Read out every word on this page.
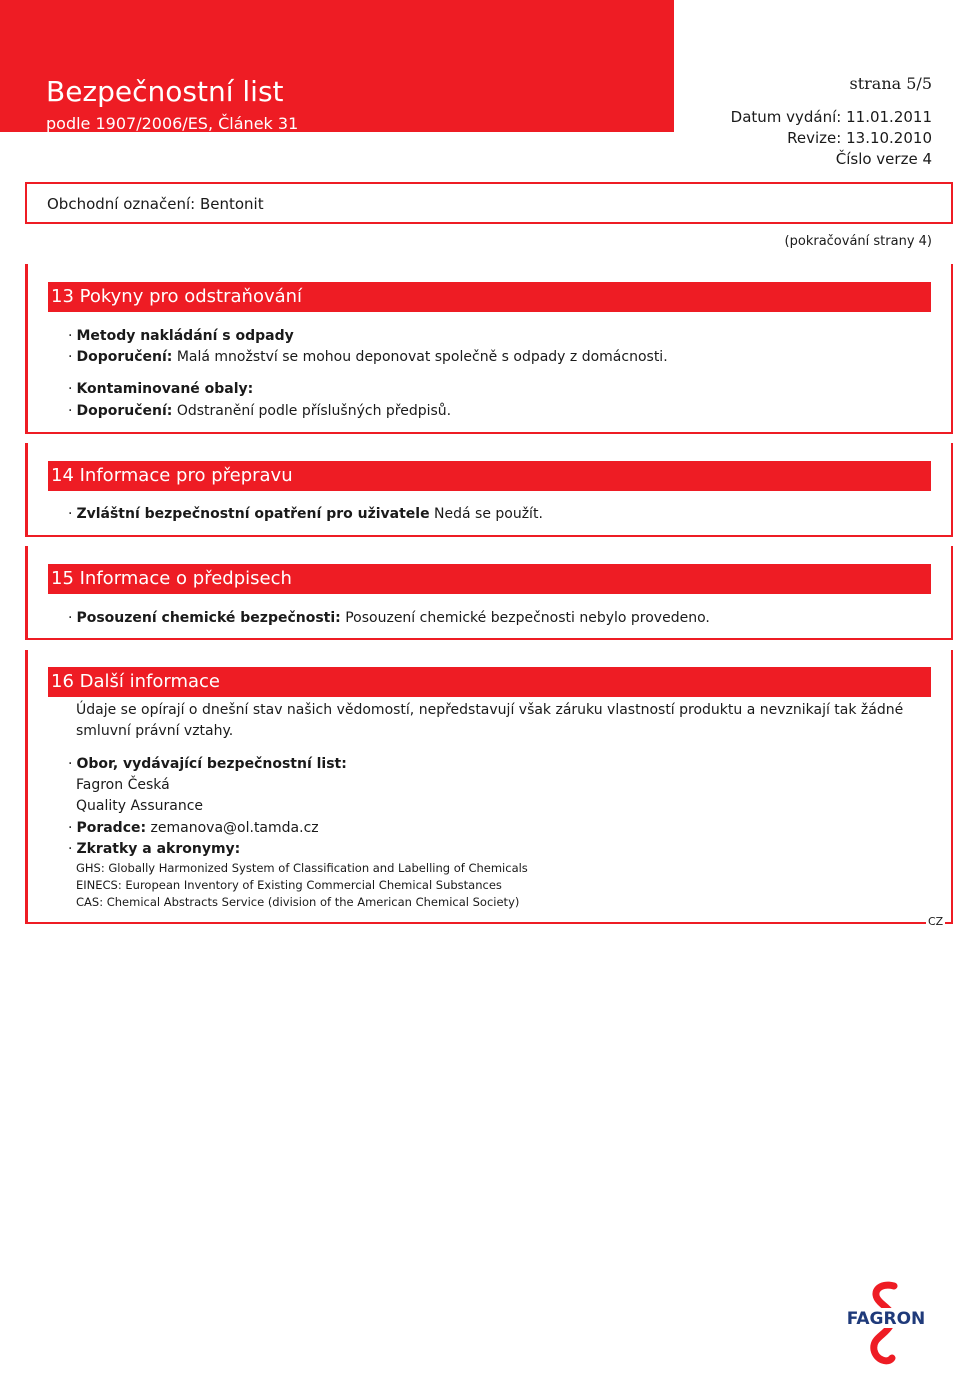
Bezpečnostní list
podle 1907/2006/ES, Článek 31
strana 5/5
Datum vydání: 11.01.2011
Revize: 13.10.2010
Číslo verze 4
Obchodní označení: Bentonit
(pokračování strany 4)
13 Pokyny pro odstraňování
· Metody nakládání s odpady
· Doporučení: Malá množství se mohou deponovat společně s odpady z domácnosti.
· Kontaminované obaly:
· Doporučení: Odstranění podle příslušných předpisů.
14 Informace pro přepravu
· Zvláštní bezpečnostní opatření pro uživatele Nedá se použít.
15 Informace o předpisech
· Posouzení chemické bezpečnosti: Posouzení chemické bezpečnosti nebylo provedeno.
16 Další informace
Údaje se opírají o dnešní stav našich vědomostí, nepředstavují však záruku vlastností produktu a nevznikají tak žádné smluvní právní vztahy.
· Obor, vydávající bezpečnostní list:
Fagron Česká
Quality Assurance
· Poradce: zemanova@ol.tamda.cz
· Zkratky a akronymy:
GHS: Globally Harmonized System of Classification and Labelling of Chemicals
EINECS: European Inventory of Existing Commercial Chemical Substances
CAS: Chemical Abstracts Service (division of the American Chemical Society)
CZ
FAGRON
